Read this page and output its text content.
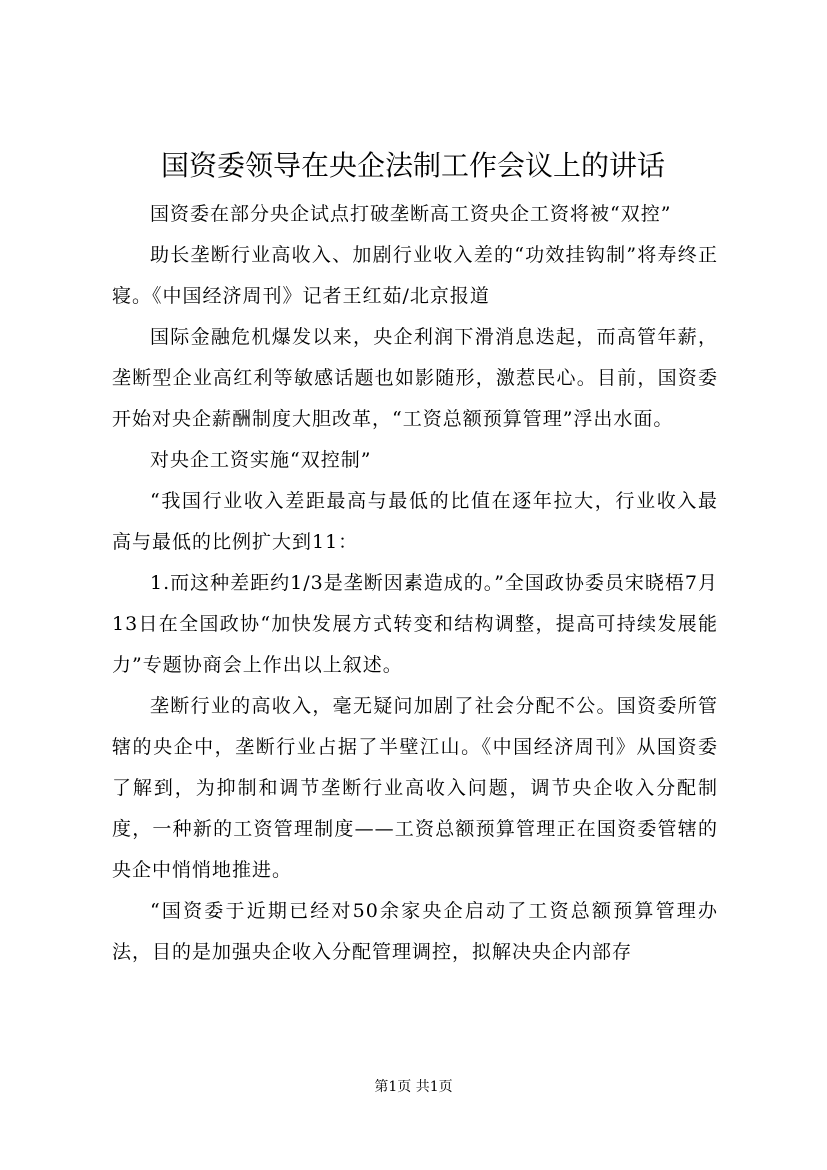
国资委领导在央企法制工作会议上的讲话

国资委在部分央企试点打破垄断高工资央企工资将被“双控”

助长垄断行业高收入、加剧行业收入差的“功效挂钩制”将寿终正寝。《中国经济周刊》记者王红茹/北京报道

国际金融危机爆发以来，央企利润下滑消息迭起，而高管年薪，垄断型企业高红利等敏感话题也如影随形，激惹民心。目前，国资委开始对央企薪酬制度大胆改革，“工资总额预算管理”浮出水面。

对央企工资实施“双控制”

“我国行业收入差距最高与最低的比值在逐年拉大，行业收入最高与最低的比例扩大到11：

1.而这种差距约1/3是垄断因素造成的。”全国政协委员宋晓梧7月13日在全国政协“加快发展方式转变和结构调整，提高可持续发展能力”专题协商会上作出以上叙述。

垄断行业的高收入，毫无疑问加剧了社会分配不公。国资委所管辖的央企中，垄断行业占据了半壁江山。《中国经济周刊》从国资委了解到，为抑制和调节垄断行业高收入问题，调节央企收入分配制度，一种新的工资管理制度——工资总额预算管理正在国资委管辖的央企中悄悄地推进。

“国资委于近期已经对50余家央企启动了工资总额预算管理办法，目的是加强央企收入分配管理调控，拟解决央企内部存

第1页 共1页
